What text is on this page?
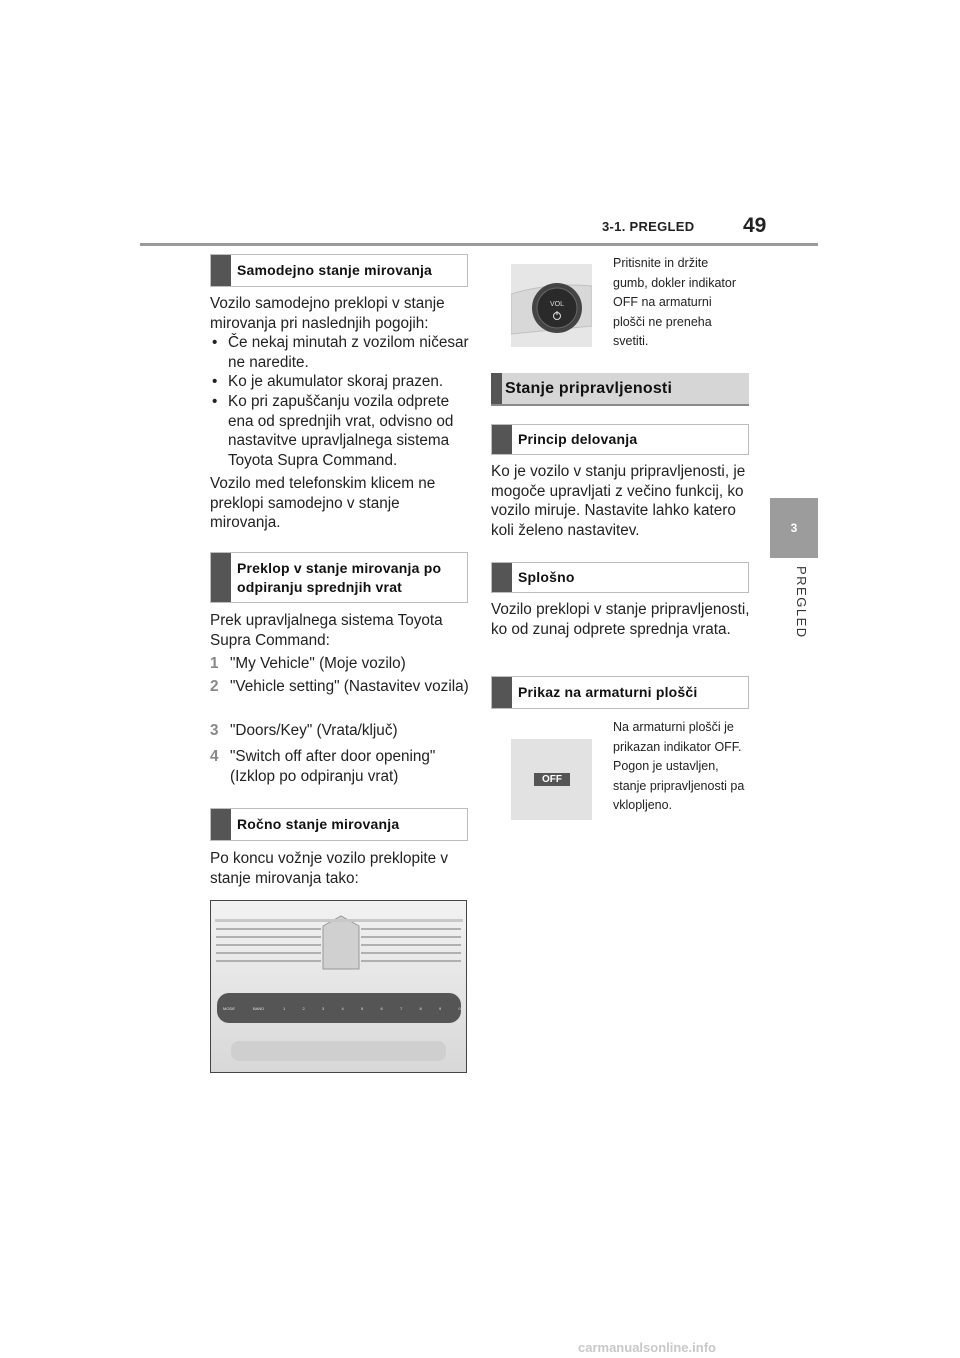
3-1. PREGLED 49
3
PREGLED
Samodejno stanje mirovanja
Vozilo samodejno preklopi v stanje mirovanja pri naslednjih pogojih:
• Če nekaj minutah z vozilom ničesar ne naredite.
• Ko je akumulator skoraj prazen.
• Ko pri zapuščanju vozila odprete ena od sprednjih vrat, odvisno od nastavitve upravljalnega sistema Toyota Supra Command.
Vozilo med telefonskim klicem ne preklopi samodejno v stanje mirovanja.
Preklop v stanje mirovanja po odpiranju sprednjih vrat
Prek upravljalnega sistema Toyota Supra Command:
1 "My Vehicle" (Moje vozilo)
2 "Vehicle setting" (Nastavitev vozila)
3 "Doors/Key" (Vrata/ključ)
4 "Switch off after door opening" (Izklop po odpiranju vrat)
Ročno stanje mirovanja
Po koncu vožnje vozilo preklopite v stanje mirovanja tako:
MODE	BAND	1	2	3	4	5	6	7	8	9	0
VOL
Pritisnite in držite gumb, dokler indikator OFF na armaturni plošči ne preneha svetiti.
Stanje pripravljenosti
Princip delovanja
Ko je vozilo v stanju pripravljenosti, je mogoče upravljati z večino funkcij, ko vozilo miruje. Nastavite lahko katero koli želeno nastavitev.
Splošno
Vozilo preklopi v stanje pripravljenosti, ko od zunaj odprete sprednja vrata.
Prikaz na armaturni plošči
OFF
Na armaturni plošči je prikazan indikator OFF. Pogon je ustavljen, stanje pripravljenosti pa vklopljeno.
carmanualsonline.info
